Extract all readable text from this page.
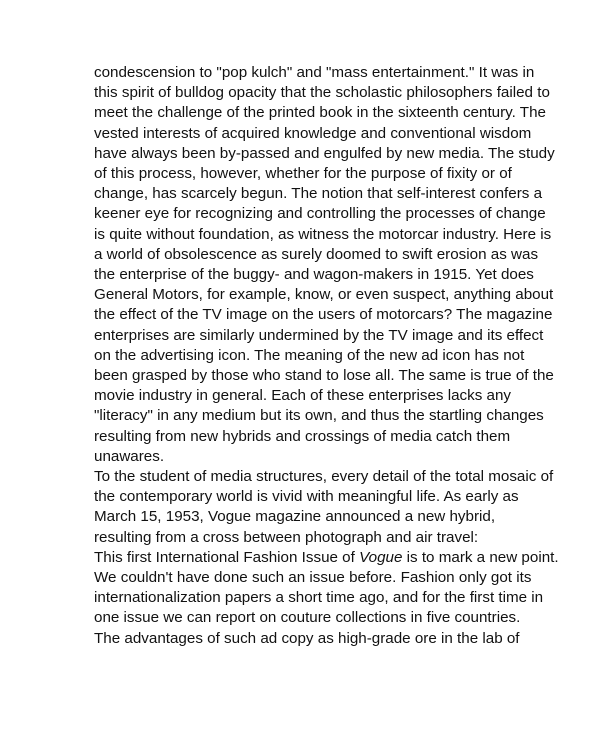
condescension to "pop kulch" and "mass entertainment." It was in
this spirit of bulldog opacity that the scholastic philosophers failed to
meet the challenge of the printed book in the sixteenth century. The
vested interests of acquired knowledge and conventional wisdom
have always been by-passed and engulfed by new media. The study
of this process, however, whether for the purpose of fixity or of
change, has scarcely begun. The notion that self-interest confers a
keener eye for recognizing and controlling the processes of change
is quite without foundation, as witness the motorcar industry. Here is
a world of obsolescence as surely doomed to swift erosion as was
the enterprise of the buggy- and wagon-makers in 1915. Yet does
General Motors, for example, know, or even suspect, anything about
the effect of the TV image on the users of motorcars? The magazine
enterprises are similarly undermined by the TV image and its effect
on the advertising icon. The meaning of the new ad icon has not
been grasped by those who stand to lose all. The same is true of the
movie industry in general. Each of these enterprises lacks any
"literacy" in any medium but its own, and thus the startling changes
resulting from new hybrids and crossings of media catch them
unawares.

To the student of media structures, every detail of the total mosaic of
the contemporary world is vivid with meaningful life. As early as
March 15, 1953, Vogue magazine announced a new hybrid,
resulting from a cross between photograph and air travel:

This first International Fashion Issue of Vogue is to mark a new point.
We couldn't have done such an issue before. Fashion only got its
internationalization papers a short time ago, and for the first time in
one issue we can report on couture collections in five countries.

The advantages of such ad copy as high-grade ore in the lab of
